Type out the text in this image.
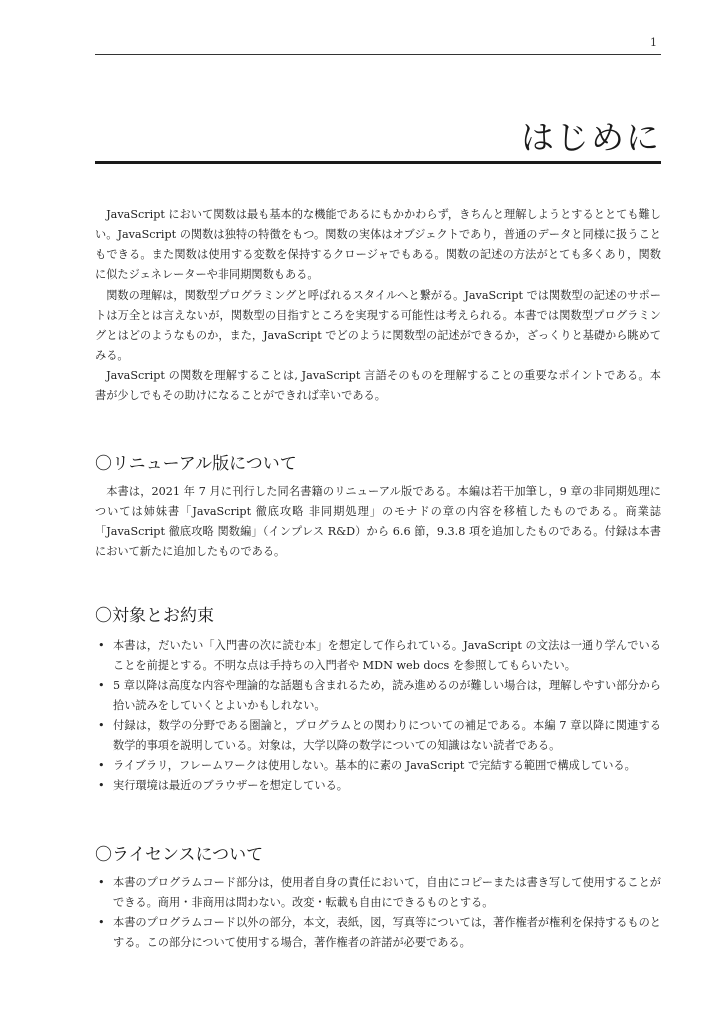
1
はじめに

JavaScript において関数は最も基本的な機能であるにもかかわらず，きちんと理解しようとするととても難しい。JavaScript の関数は独特の特徴をもつ。関数の実体はオブジェクトであり，普通のデータと同様に扱うこともできる。また関数は使用する変数を保持するクロージャでもある。関数の記述の方法がとても多くあり，関数に似たジェネレーターや非同期関数もある。

関数の理解は，関数型プログラミングと呼ばれるスタイルへと繋がる。JavaScript では関数型の記述のサポートは万全とは言えないが，関数型の目指すところを実現する可能性は考えられる。本書では関数型プログラミングとはどのようなものか，また，JavaScript でどのように関数型の記述ができるか，ざっくりと基礎から眺めてみる。

JavaScript の関数を理解することは, JavaScript 言語そのものを理解することの重要なポイントである。本書が少しでもその助けになることができれば幸いである。

〇リニューアル版について

本書は，2021 年 7 月に刊行した同名書籍のリニューアル版である。本編は若干加筆し，9 章の非同期処理については姉妹書「JavaScript 徹底攻略 非同期処理」のモナドの章の内容を移植したものである。商業誌「JavaScript 徹底攻略 関数編」（インプレス R&D）から 6.6 節，9.3.8 項を追加したものである。付録は本書において新たに追加したものである。

〇対象とお約束
• 本書は，だいたい「入門書の次に読む本」を想定して作られている。JavaScript の文法は一通り学んでいることを前提とする。不明な点は手持ちの入門者や MDN web docs を参照してもらいたい。
• 5 章以降は高度な内容や理論的な話題も含まれるため，読み進めるのが難しい場合は，理解しやすい部分から拾い読みをしていくとよいかもしれない。
• 付録は，数学の分野である圏論と，プログラムとの関わりについての補足である。本編 7 章以降に関連する数学的事項を説明している。対象は，大学以降の数学についての知識はない読者である。
• ライブラリ，フレームワークは使用しない。基本的に素の JavaScript で完結する範囲で構成している。
• 実行環境は最近のブラウザーを想定している。
〇ライセンスについて
• 本書のプログラムコード部分は，使用者自身の責任において，自由にコピーまたは書き写して使用することができる。商用・非商用は問わない。改変・転載も自由にできるものとする。
• 本書のプログラムコード以外の部分，本文，表紙，図，写真等については，著作権者が権利を保持するものとする。この部分について使用する場合，著作権者の許諾が必要である。
